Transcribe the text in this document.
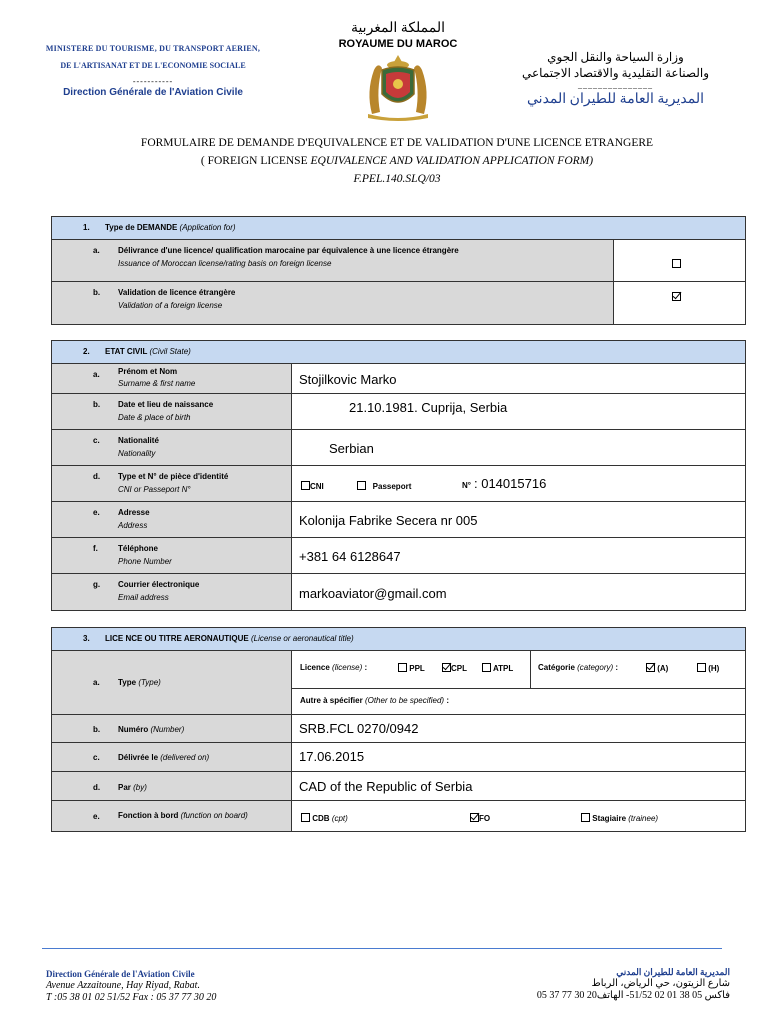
MINISTERE DU TOURISME, DU TRANSPORT AERIEN,
DE L'ARTISANAT ET DE L'ECONOMIE SOCIALE
-----------
Direction Générale de l'Aviation Civile
المملكة المغربية
ROYAUME DU MAROC
وزارة السياحة والنقل الجوي
والصناعة التقليدية والاقتصاد الاجتماعي
_______________
المديرية العامة للطيران المدني
FORMULAIRE DE DEMANDE D'EQUIVALENCE ET DE VALIDATION D'UNE LICENCE ETRANGERE
( FOREIGN LICENSE EQUIVALENCE AND VALIDATION APPLICATION FORM)
F.PEL.140.SLQ/03
1. Type de DEMANDE (Application for)
a. Délivrance d'une licence/ qualification marocaine par équivalence à une licence étrangère
Issuance of Moroccan license/rating basis on foreign license
b. Validation de licence étrangère
Validation of a foreign license
2. ETAT CIVIL (Civil State)
a. Prénom et Nom
Surname & first name	Stojilkovic Marko
b. Date et lieu de naissance
Date & place of birth
21.10.1981. Cuprija, Serbia
c. Nationalité
Nationality	Serbian
d. Type et N° de pièce d'identité
CNI or Passeport N°	CNI	Passeport	N° : 014015716
e. Adresse
Address	Kolonija Fabrike Secera nr 005
f.	Téléphone
Phone Number	+381 64 6128647
g. Courrier électronique
Email address	markoaviator@gmail.com
3. LICE NCE OU TITRE AERONAUTIQUE (License or aeronautical title)
a. Type (Type)
Licence (license) :	PPL	CPL	ATPL	Catégorie (category) :	(A)	(H)
Autre à spécifier (Other to be specified) :
b. Numéro (Number)	SRB.FCL 0270/0942
c. Délivrée le (delivered on)	17.06.2015
d. Par (by)	CAD of the Republic of Serbia
e. Fonction à bord (function on board)	CDB (cpt)	FO	Stagiaire (trainee)
Direction Générale de l'Aviation Civile
Avenue Azzaitoune, Hay Riyad, Rabat.
T :05 38 01 02 51/52 Fax : 05 37 77 30 20
المديرية العامة للطيران المدني
شارع الزيتون، حي الرياض، الرباط
05 37 77 30 20فاكس 05 38 01 02 51/52- الهاتف
